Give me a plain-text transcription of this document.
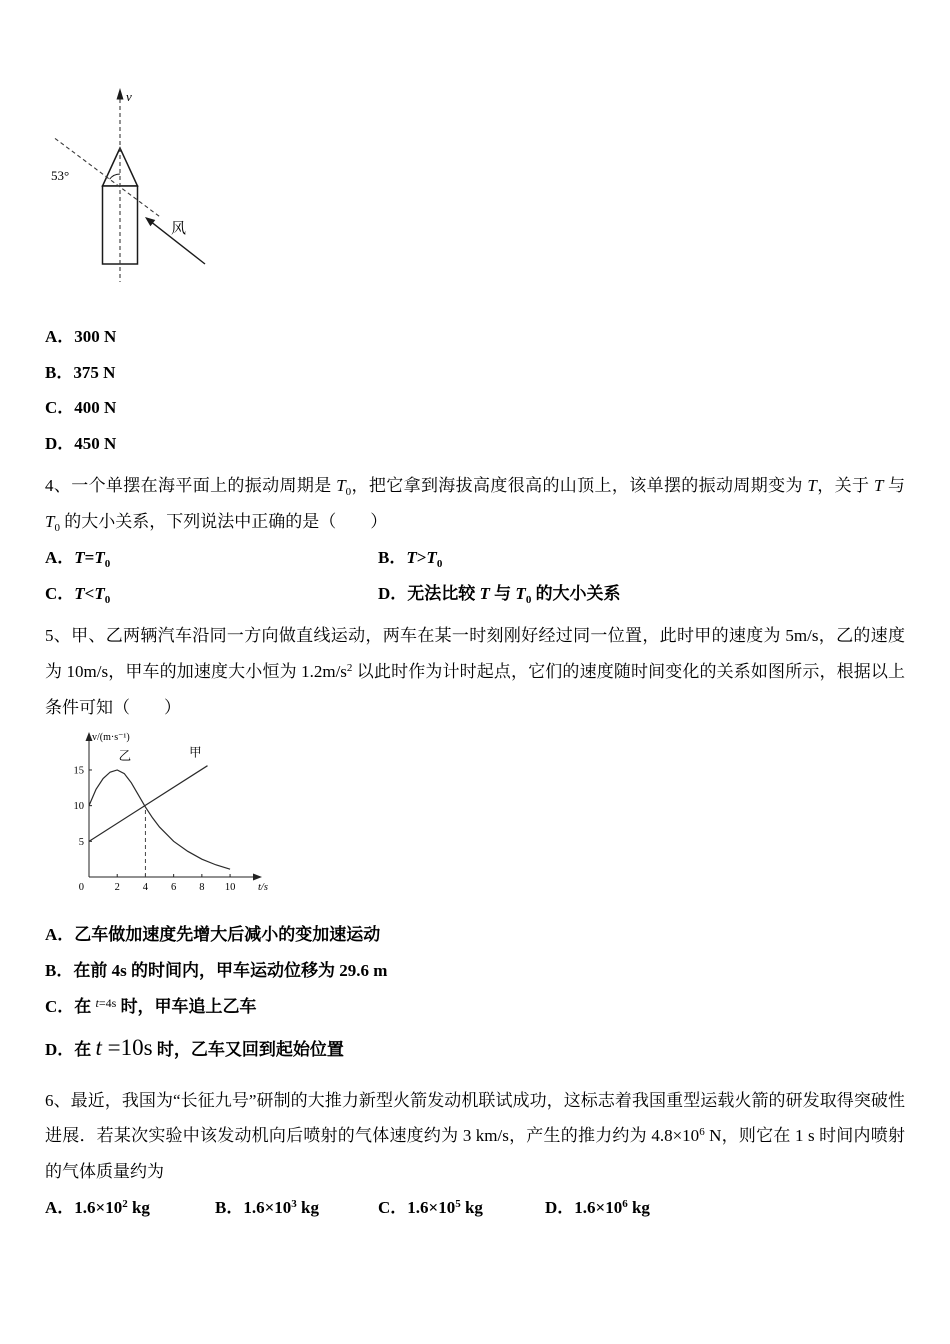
v
53°
风
A．300 N
B．375 N
C．400 N
D．450 N

4、一个单摆在海平面上的振动周期是 $T_0$，把它拿到海拔高度很高的山顶上，该单摆的振动周期变为 T，关于 T 与 $T_0$ 的大小关系，下列说法中正确的是（　　）

A．$T=T_0$	B．$T>T_0$
C．$T<T_0$	D．无法比较 T 与 $T_0$ 的大小关系

5、甲、乙两辆汽车沿同一方向做直线运动，两车在某一时刻刚好经过同一位置，此时甲的速度为 5m/s，乙的速度为 10m/s，甲车的加速度大小恒为 $1.2m/s^2$ 以此时作为计时起点，它们的速度随时间变化的关系如图所示，根据以上条件可知（　　）

2 4 6 8 10
5
10
15
0
v/(m·s⁻¹)
t/s
甲
乙
A．乙车做加速度先增大后减小的变加速运动
B．在前 4s 的时间内，甲车运动位移为 29.6 m
C．在 $^{t=4s}$ 时，甲车追上乙车
D．在 t =10s 时，乙车又回到起始位置

6、最近，我国为“长征九号”研制的大推力新型火箭发动机联试成功，这标志着我国重型运载火箭的研发取得突破性进展．若某次实验中该发动机向后喷射的气体速度约为 3 km/s，产生的推力约为 $4.8\times 10^6$ N，则它在 1 s 时间内喷射的气体质量约为

A．$1.6\times 10^2$ kg	B．$1.6\times 10^3$ kg	C．$1.6\times 10^5$ kg	D．$1.6\times 10^6$ kg
